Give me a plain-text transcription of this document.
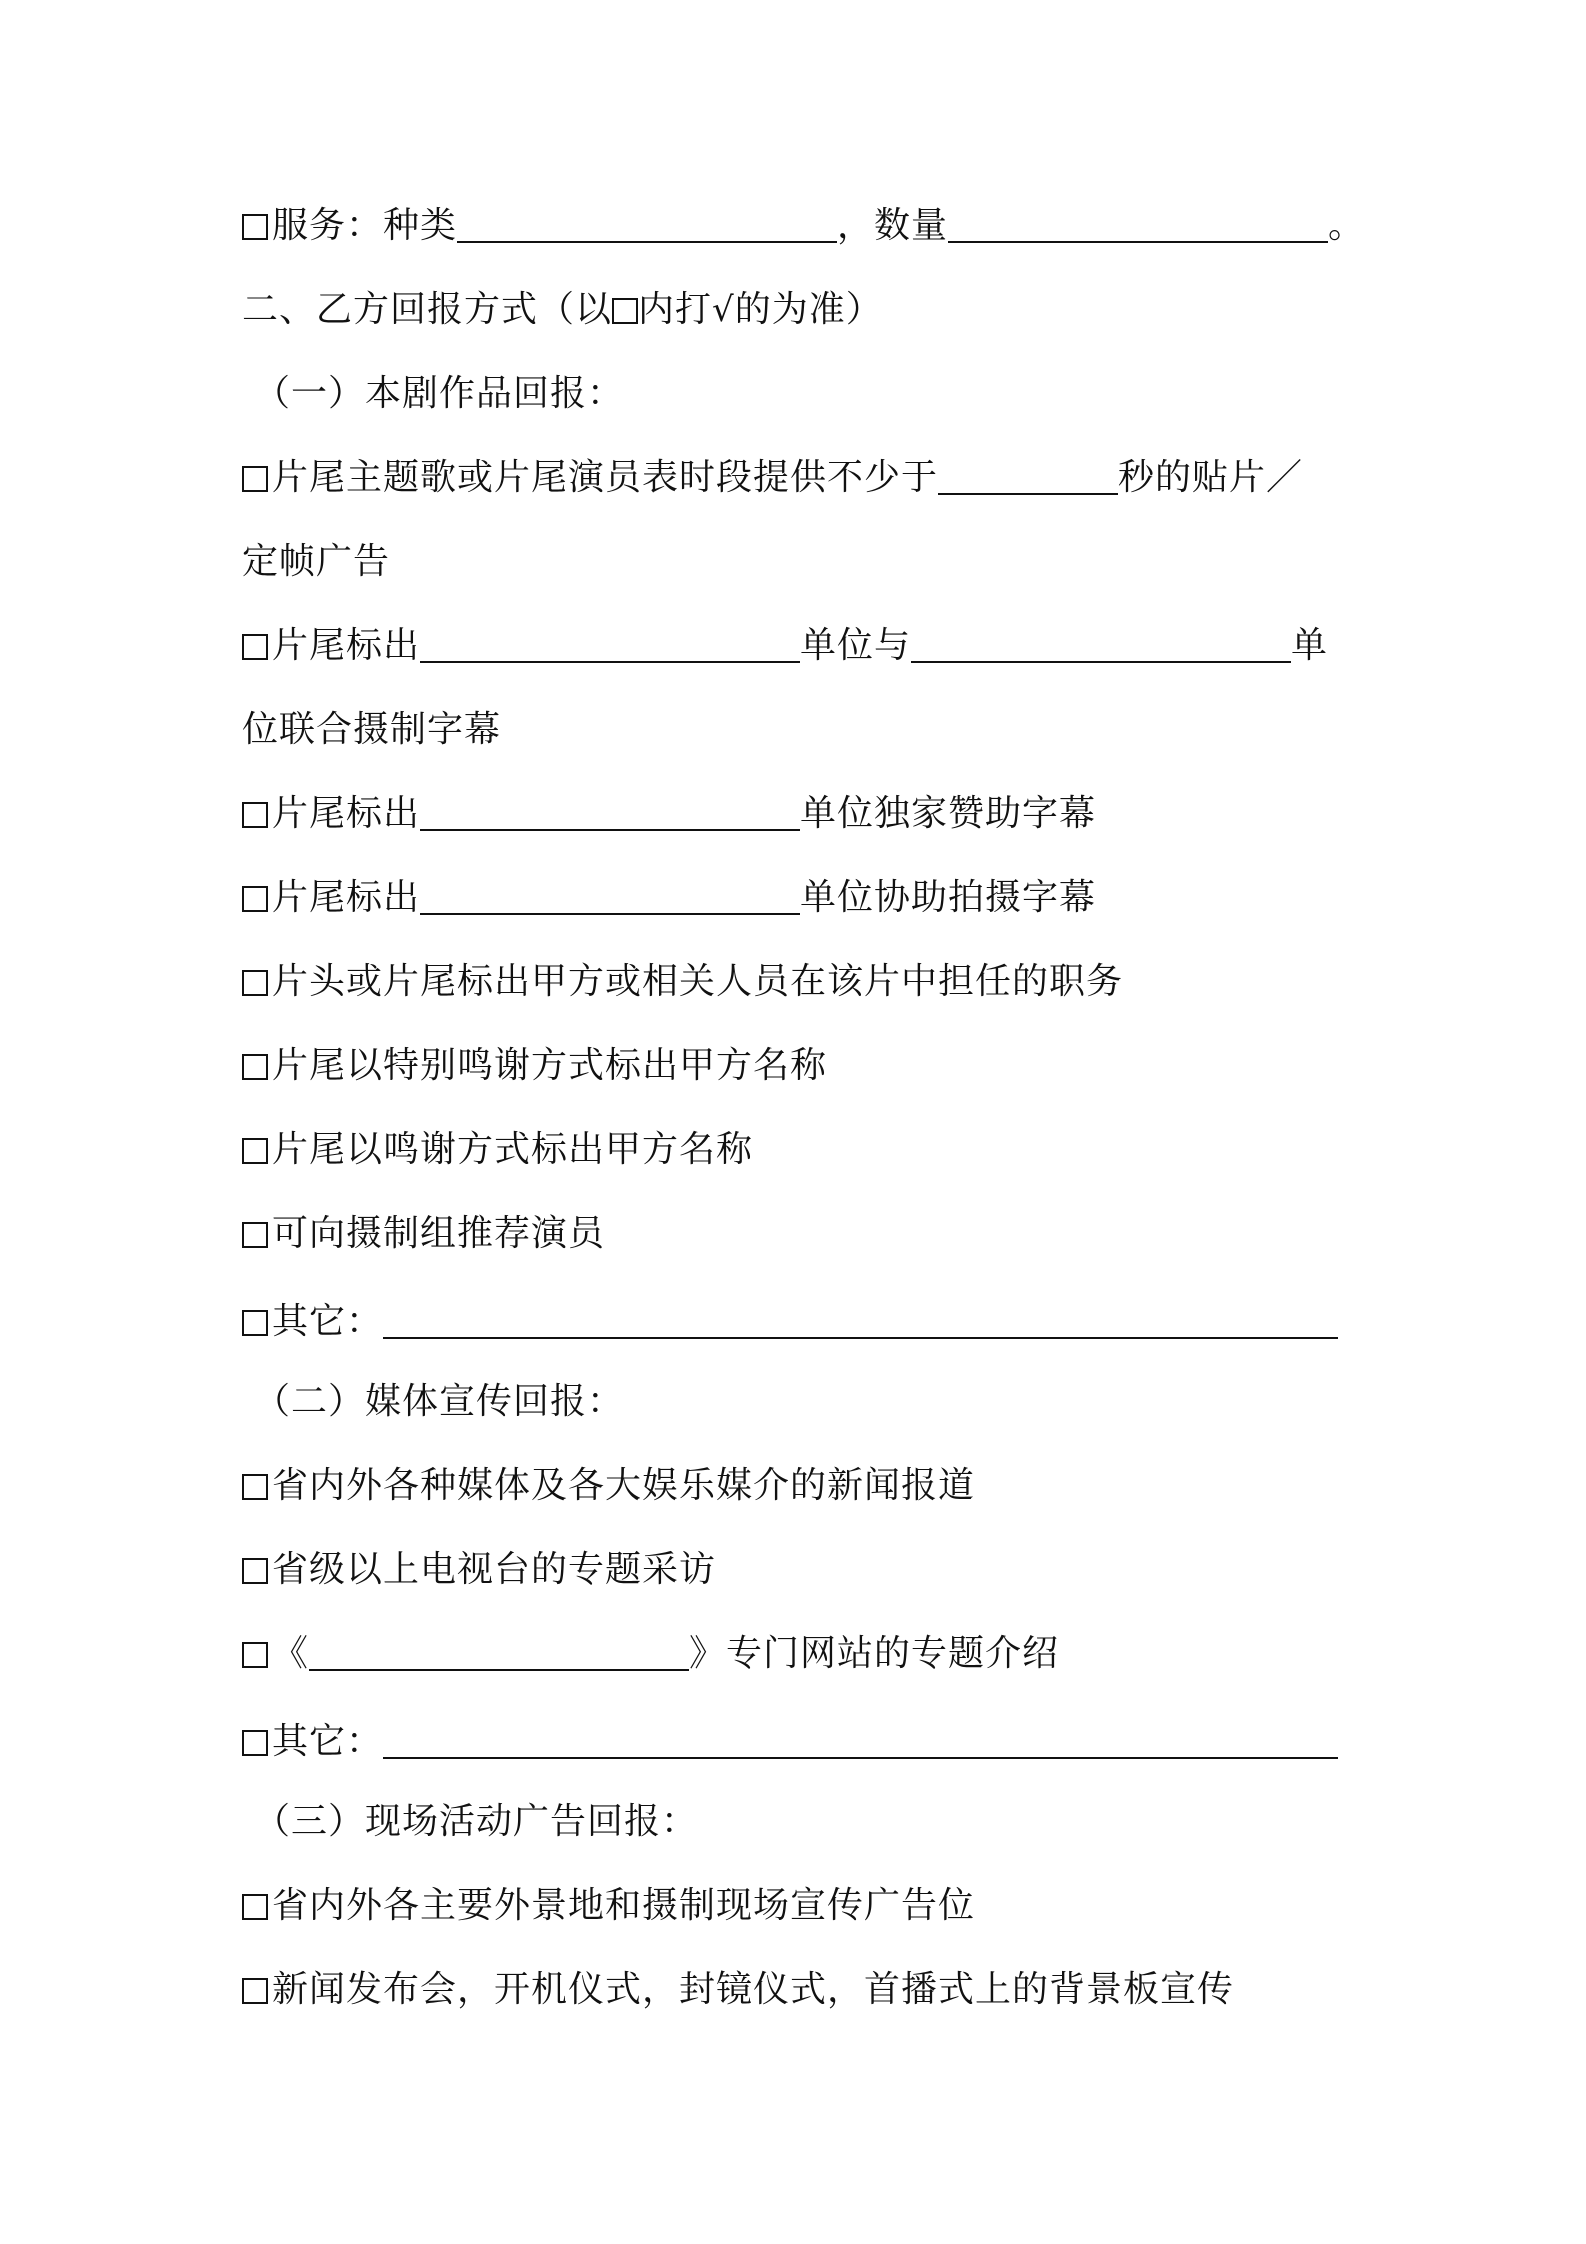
服务：种类	，数量	。
二、乙方回报方式（以 内打√的为准）
（一）本剧作品回报：
片尾主题歌或片尾演员表时段提供不少于	秒的贴片／
定帧广告
片尾标出	单位与	单
位联合摄制字幕
片尾标出	单位独家赞助字幕
片尾标出	单位协助拍摄字幕
片头或片尾标出甲方或相关人员在该片中担任的职务
片尾以特别鸣谢方式标出甲方名称
片尾以鸣谢方式标出甲方名称
可向摄制组推荐演员
其它：
（二）媒体宣传回报：
省内外各种媒体及各大娱乐媒介的新闻报道
省级以上电视台的专题采访
《	》专门网站的专题介绍
其它：
（三）现场活动广告回报：
省内外各主要外景地和摄制现场宣传广告位
新闻发布会，开机仪式，封镜仪式，首播式上的背景板宣传
